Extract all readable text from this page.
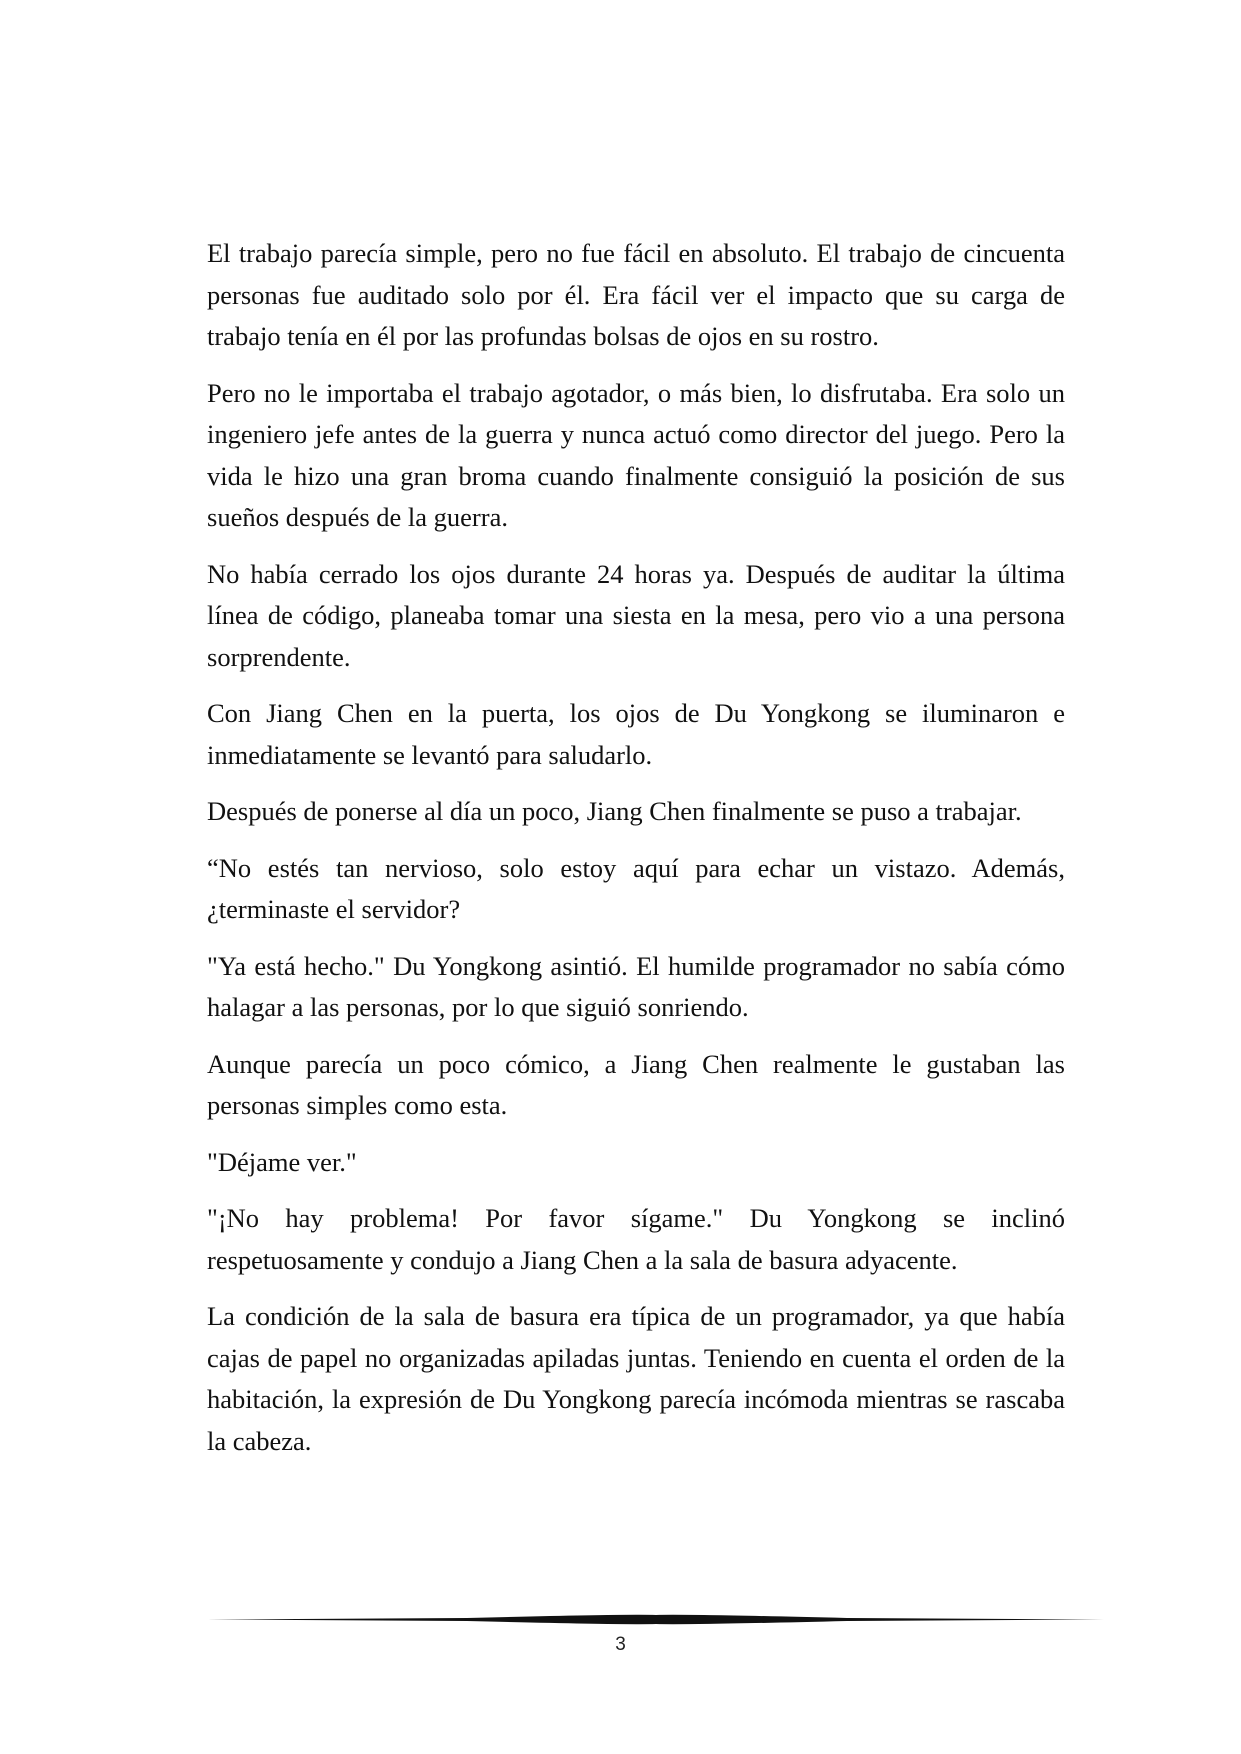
El trabajo parecía simple, pero no fue fácil en absoluto. El trabajo de cincuenta personas fue auditado solo por él. Era fácil ver el impacto que su carga de trabajo tenía en él por las profundas bolsas de ojos en su rostro.

Pero no le importaba el trabajo agotador, o más bien, lo disfrutaba. Era solo un ingeniero jefe antes de la guerra y nunca actuó como director del juego. Pero la vida le hizo una gran broma cuando finalmente consiguió la posición de sus sueños después de la guerra.

No había cerrado los ojos durante 24 horas ya. Después de auditar la última línea de código, planeaba tomar una siesta en la mesa, pero vio a una persona sorprendente.

Con Jiang Chen en la puerta, los ojos de Du Yongkong se iluminaron e inmediatamente se levantó para saludarlo.

Después de ponerse al día un poco, Jiang Chen finalmente se puso a trabajar.

“No estés tan nervioso, solo estoy aquí para echar un vistazo. Además, ¿terminaste el servidor?

"Ya está hecho." Du Yongkong asintió. El humilde programador no sabía cómo halagar a las personas, por lo que siguió sonriendo.

Aunque parecía un poco cómico, a Jiang Chen realmente le gustaban las personas simples como esta.

"Déjame ver."

"¡No hay problema! Por favor sígame." Du Yongkong se inclinó respetuosamente y condujo a Jiang Chen a la sala de basura adyacente.

La condición de la sala de basura era típica de un programador, ya que había cajas de papel no organizadas apiladas juntas. Teniendo en cuenta el orden de la habitación, la expresión de Du Yongkong parecía incómoda mientras se rascaba la cabeza.

3
